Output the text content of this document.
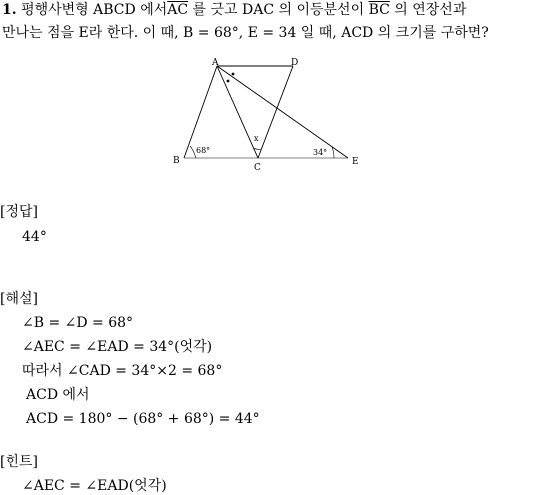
1. 평행사변형 ABCD 에서$\overline{AC}$ 를 긋고 DAC 의 이등분선이 $\overline{BC}$ 의 연장선과
만나는 점을 E라 한다. 이 때, B = 68°, E = 34 일 때, ACD 의 크기를 구하면?
A	D
B
C
E
68°	34°
x
[정답]
44°
[해설]
∠B = ∠D = 68°
∠AEC = ∠EAD = 34°(엇각)
따라서 ∠CAD = 34°×2 = 68°
ACD 에서
ACD = 180° − (68° + 68°) = 44°
[힌트]
∠AEC = ∠EAD(엇각)
